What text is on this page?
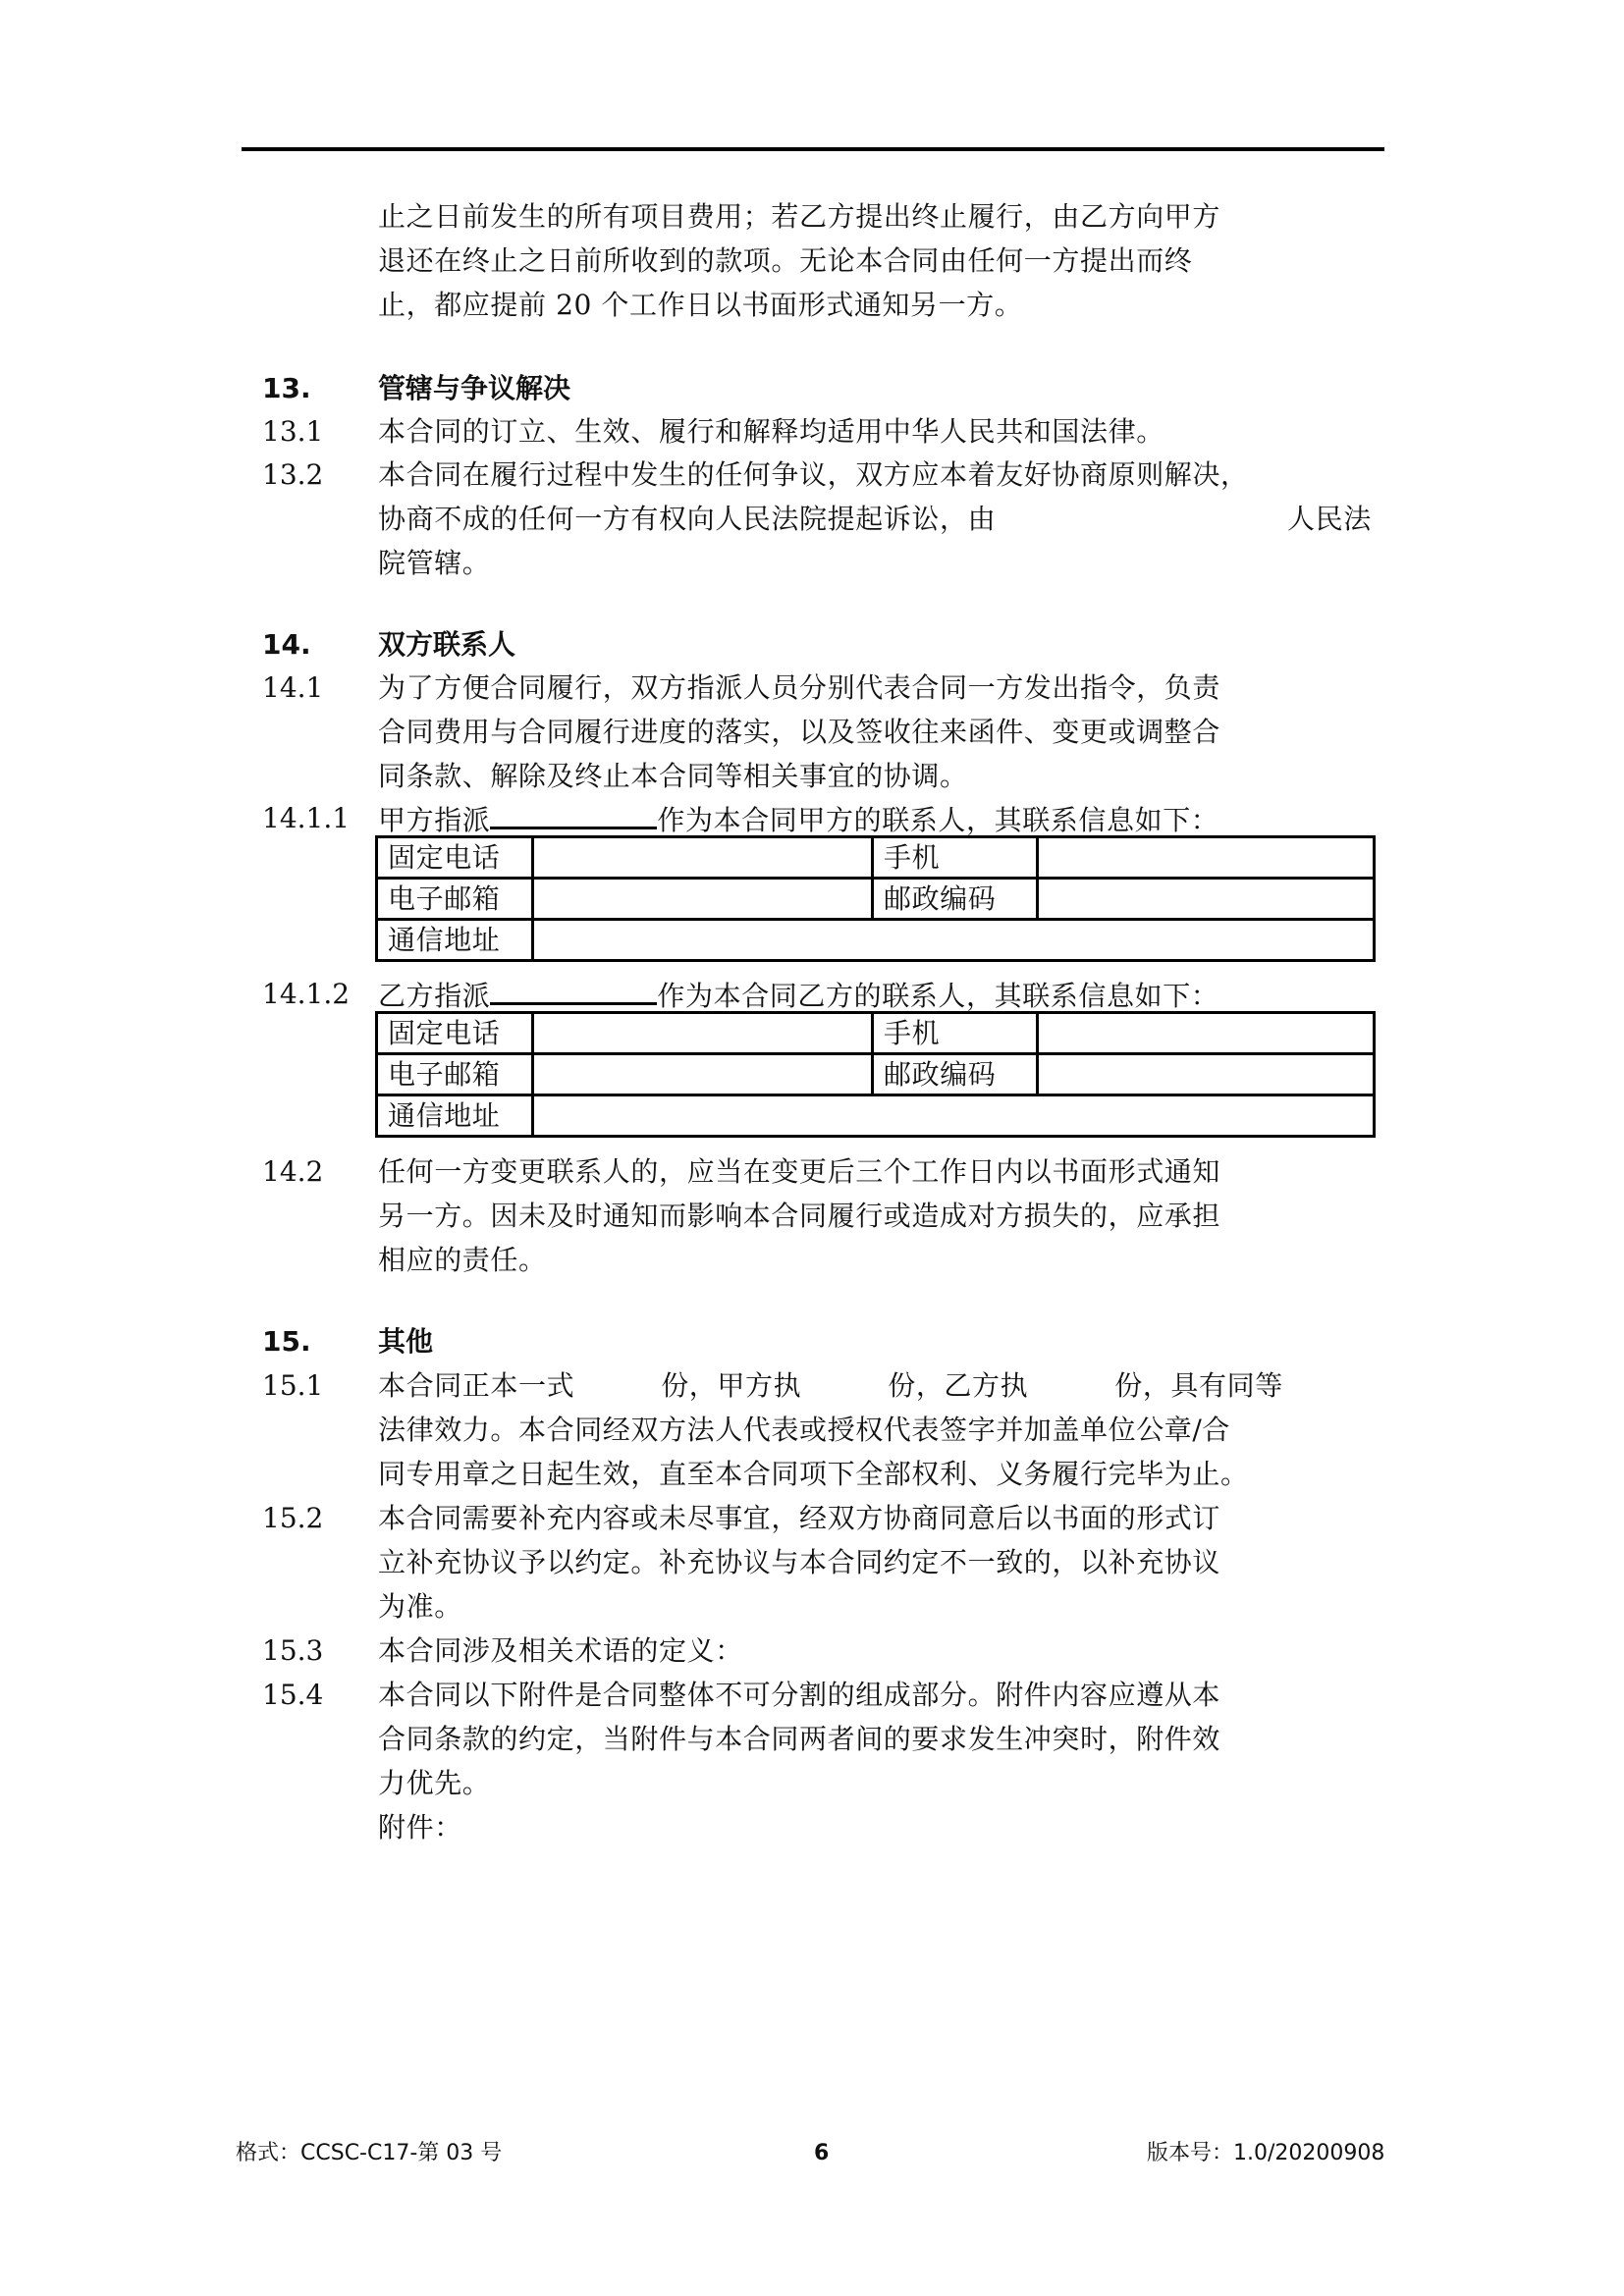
止之日前发生的所有项目费用；若乙方提出终止履行，由乙方向甲方
退还在终止之日前所收到的款项。无论本合同由任何一方提出而终
止，都应提前 20 个工作日以书面形式通知另一方。
13. 管辖与争议解决
13.1 本合同的订立、生效、履行和解释均适用中华人民共和国法律。
13.2 本合同在履行过程中发生的任何争议，双方应本着友好协商原则解决，
协商不成的任何一方有权向人民法院提起诉讼，由	人民法
院管辖。
14. 双方联系人
14.1 为了方便合同履行，双方指派人员分别代表合同一方发出指令，负责
合同费用与合同履行进度的落实，以及签收往来函件、变更或调整合
同条款、解除及终止本合同等相关事宜的协调。
14.1.1 甲方指派	作为本合同甲方的联系人，其联系信息如下：
固定电话		手机	
电子邮箱		邮政编码	
通信地址			
14.1.2 乙方指派	作为本合同乙方的联系人，其联系信息如下：
固定电话		手机	
电子邮箱		邮政编码	
通信地址			
14.2 任何一方变更联系人的，应当在变更后三个工作日内以书面形式通知
另一方。因未及时通知而影响本合同履行或造成对方损失的，应承担
相应的责任。
15. 其他
15.1 本合同正本一式	份，甲方执	份，乙方执	份，具有同等
法律效力。本合同经双方法人代表或授权代表签字并加盖单位公章/合
同专用章之日起生效，直至本合同项下全部权利、义务履行完毕为止。
15.2 本合同需要补充内容或未尽事宜，经双方协商同意后以书面的形式订
立补充协议予以约定。补充协议与本合同约定不一致的，以补充协议
为准。
15.3 本合同涉及相关术语的定义：
15.4 本合同以下附件是合同整体不可分割的组成部分。附件内容应遵从本
合同条款的约定，当附件与本合同两者间的要求发生冲突时，附件效
力优先。
附件：
格式：CCSC-C17-第 03 号	6	版本号：1.0/20200908
